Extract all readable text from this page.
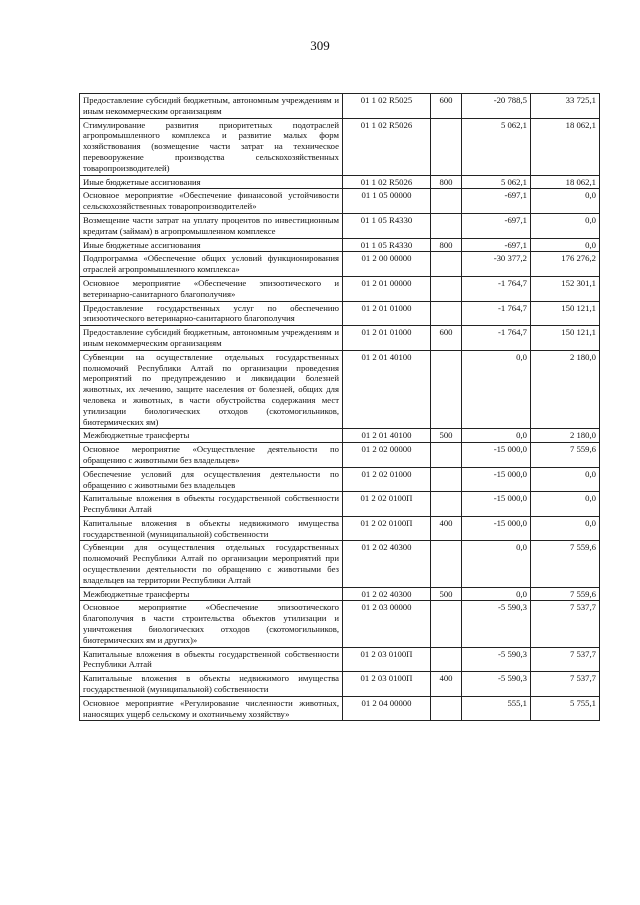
309
Предоставление субсидий бюджетным, автономным учреждениям и иным некоммерческим организациям	01 1 02 R5025	600	-20 788,5	33 725,1
Стимулирование развития приоритетных подотраслей агропромышленного комплекса и развитие малых форм хозяйствования (возмещение части затрат на техническое перевооружение производства сельскохозяйственных товаропроизводителей)	01 1 02 R5026		5 062,1	18 062,1
Иные бюджетные ассигнования	01 1 02 R5026	800	5 062,1	18 062,1
Основное мероприятие «Обеспечение финансовой устойчивости сельскохозяйственных товаропроизводителей»	01 1 05 00000		-697,1	0,0
Возмещение части затрат на уплату процентов по инвестиционным кредитам (займам) в агропромышленном комплексе	01 1 05 R4330		-697,1	0,0
Иные бюджетные ассигнования	01 1 05 R4330	800	-697,1	0,0
Подпрограмма «Обеспечение общих условий функционирования отраслей агропромышленного комплекса»	01 2 00 00000		-30 377,2	176 276,2
Основное мероприятие «Обеспечение эпизоотического и ветеринарно-санитарного благополучия»	01 2 01 00000		-1 764,7	152 301,1
Предоставление государственных услуг по обеспечению эпизоотического ветеринарно-санитарного благополучия	01 2 01 01000		-1 764,7	150 121,1
Предоставление субсидий бюджетным, автономным учреждениям и иным некоммерческим организациям	01 2 01 01000	600	-1 764,7	150 121,1
Субвенции на осуществление отдельных государственных полномочий Республики Алтай по организации проведения мероприятий по предупреждению и ликвидации болезней животных, их лечению, защите населения от болезней, общих для человека и животных, в части обустройства содержания мест утилизации биологических отходов (скотомогильников, биотермических ям)	01 2 01 40100		0,0	2 180,0
Межбюджетные трансферты	01 2 01 40100	500	0,0	2 180,0
Основное мероприятие «Осуществление деятельности по обращению с животными без владельцев»	01 2 02 00000		-15 000,0	7 559,6
Обеспечение условий для осуществления деятельности по обращению с животными без владельцев	01 2 02 01000		-15 000,0	0,0
Капитальные вложения в объекты государственной собственности Республики Алтай	01 2 02 0100П		-15 000,0	0,0
Капитальные вложения в объекты недвижимого имущества государственной (муниципальной) собственности	01 2 02 0100П	400	-15 000,0	0,0
Субвенции для осуществления отдельных государственных полномочий Республики Алтай по организации мероприятий при осуществлении деятельности по обращению с животными без владельцев на территории Республики Алтай	01 2 02 40300		0,0	7 559,6
Межбюджетные трансферты	01 2 02 40300	500	0,0	7 559,6
Основное мероприятие «Обеспечение эпизоотического благополучия в части строительства объектов утилизации и уничтожения биологических отходов (скотомогильников, биотермических ям и других)»	01 2 03 00000		-5 590,3	7 537,7
Капитальные вложения в объекты государственной собственности Республики Алтай	01 2 03 0100П		-5 590,3	7 537,7
Капитальные вложения в объекты недвижимого имущества государственной (муниципальной) собственности	01 2 03 0100П	400	-5 590,3	7 537,7
Основное мероприятие «Регулирование численности животных, наносящих ущерб сельскому и охотничьему хозяйству»	01 2 04 00000		555,1	5 755,1
